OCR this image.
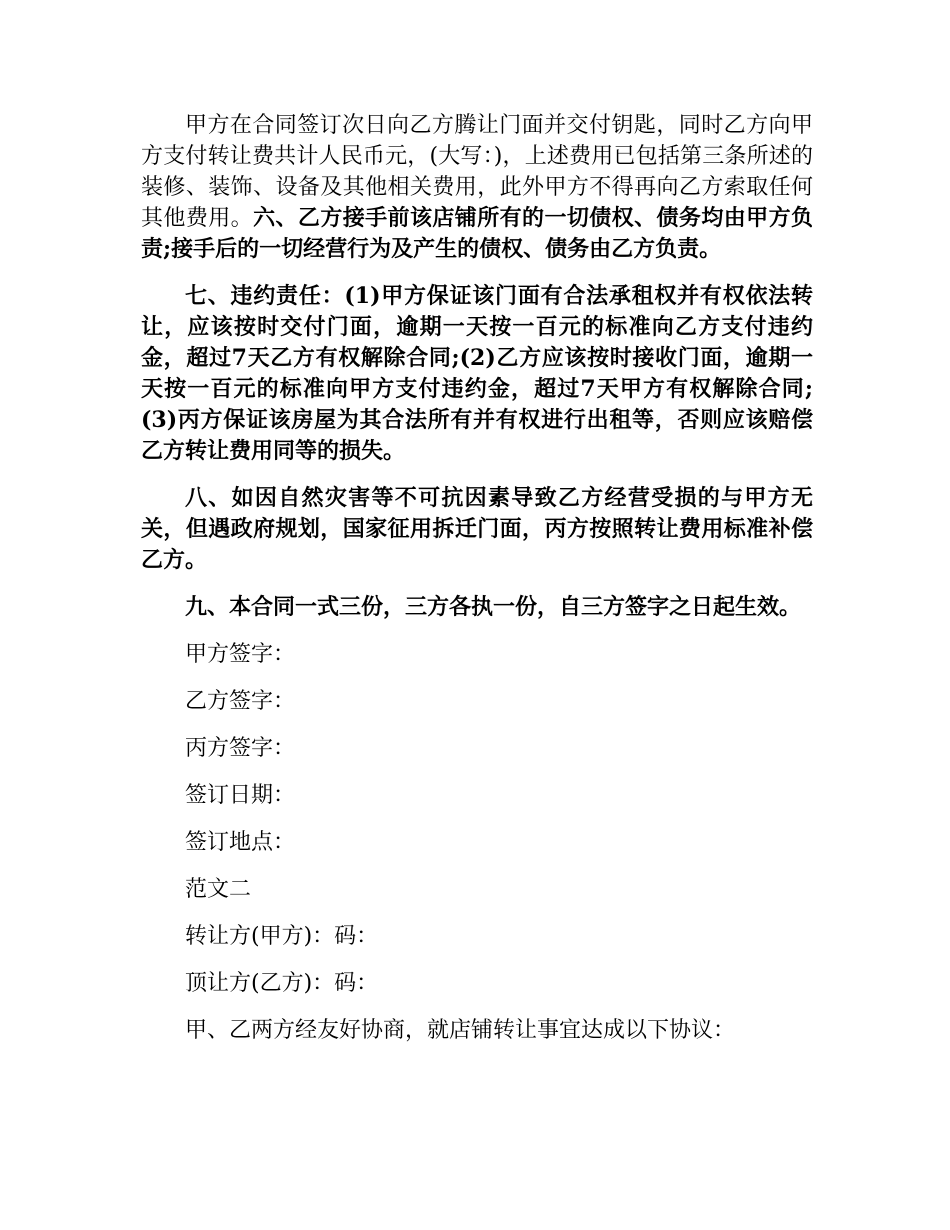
甲方在合同签订次日向乙方腾让门面并交付钥匙，同时乙方向甲方支付转让费共计人民币元，(大写：)，上述费用已包括第三条所述的装修、装饰、设备及其他相关费用，此外甲方不得再向乙方索取任何其他费用。六、乙方接手前该店铺所有的一切债权、债务均由甲方负责;接手后的一切经营行为及产生的债权、债务由乙方负责。

七、违约责任：(1)甲方保证该门面有合法承租权并有权依法转让，应该按时交付门面，逾期一天按一百元的标准向乙方支付违约金，超过7天乙方有权解除合同;(2)乙方应该按时接收门面，逾期一天按一百元的标准向甲方支付违约金，超过7天甲方有权解除合同;(3)丙方保证该房屋为其合法所有并有权进行出租等，否则应该赔偿乙方转让费用同等的损失。

八、如因自然灾害等不可抗因素导致乙方经营受损的与甲方无关，但遇政府规划，国家征用拆迁门面，丙方按照转让费用标准补偿乙方。

九、本合同一式三份，三方各执一份，自三方签字之日起生效。

甲方签字：
乙方签字：
丙方签字：
签订日期：
签订地点：
范文二
转让方(甲方)：码：
顶让方(乙方)：码：
甲、乙两方经友好协商，就店铺转让事宜达成以下协议：
